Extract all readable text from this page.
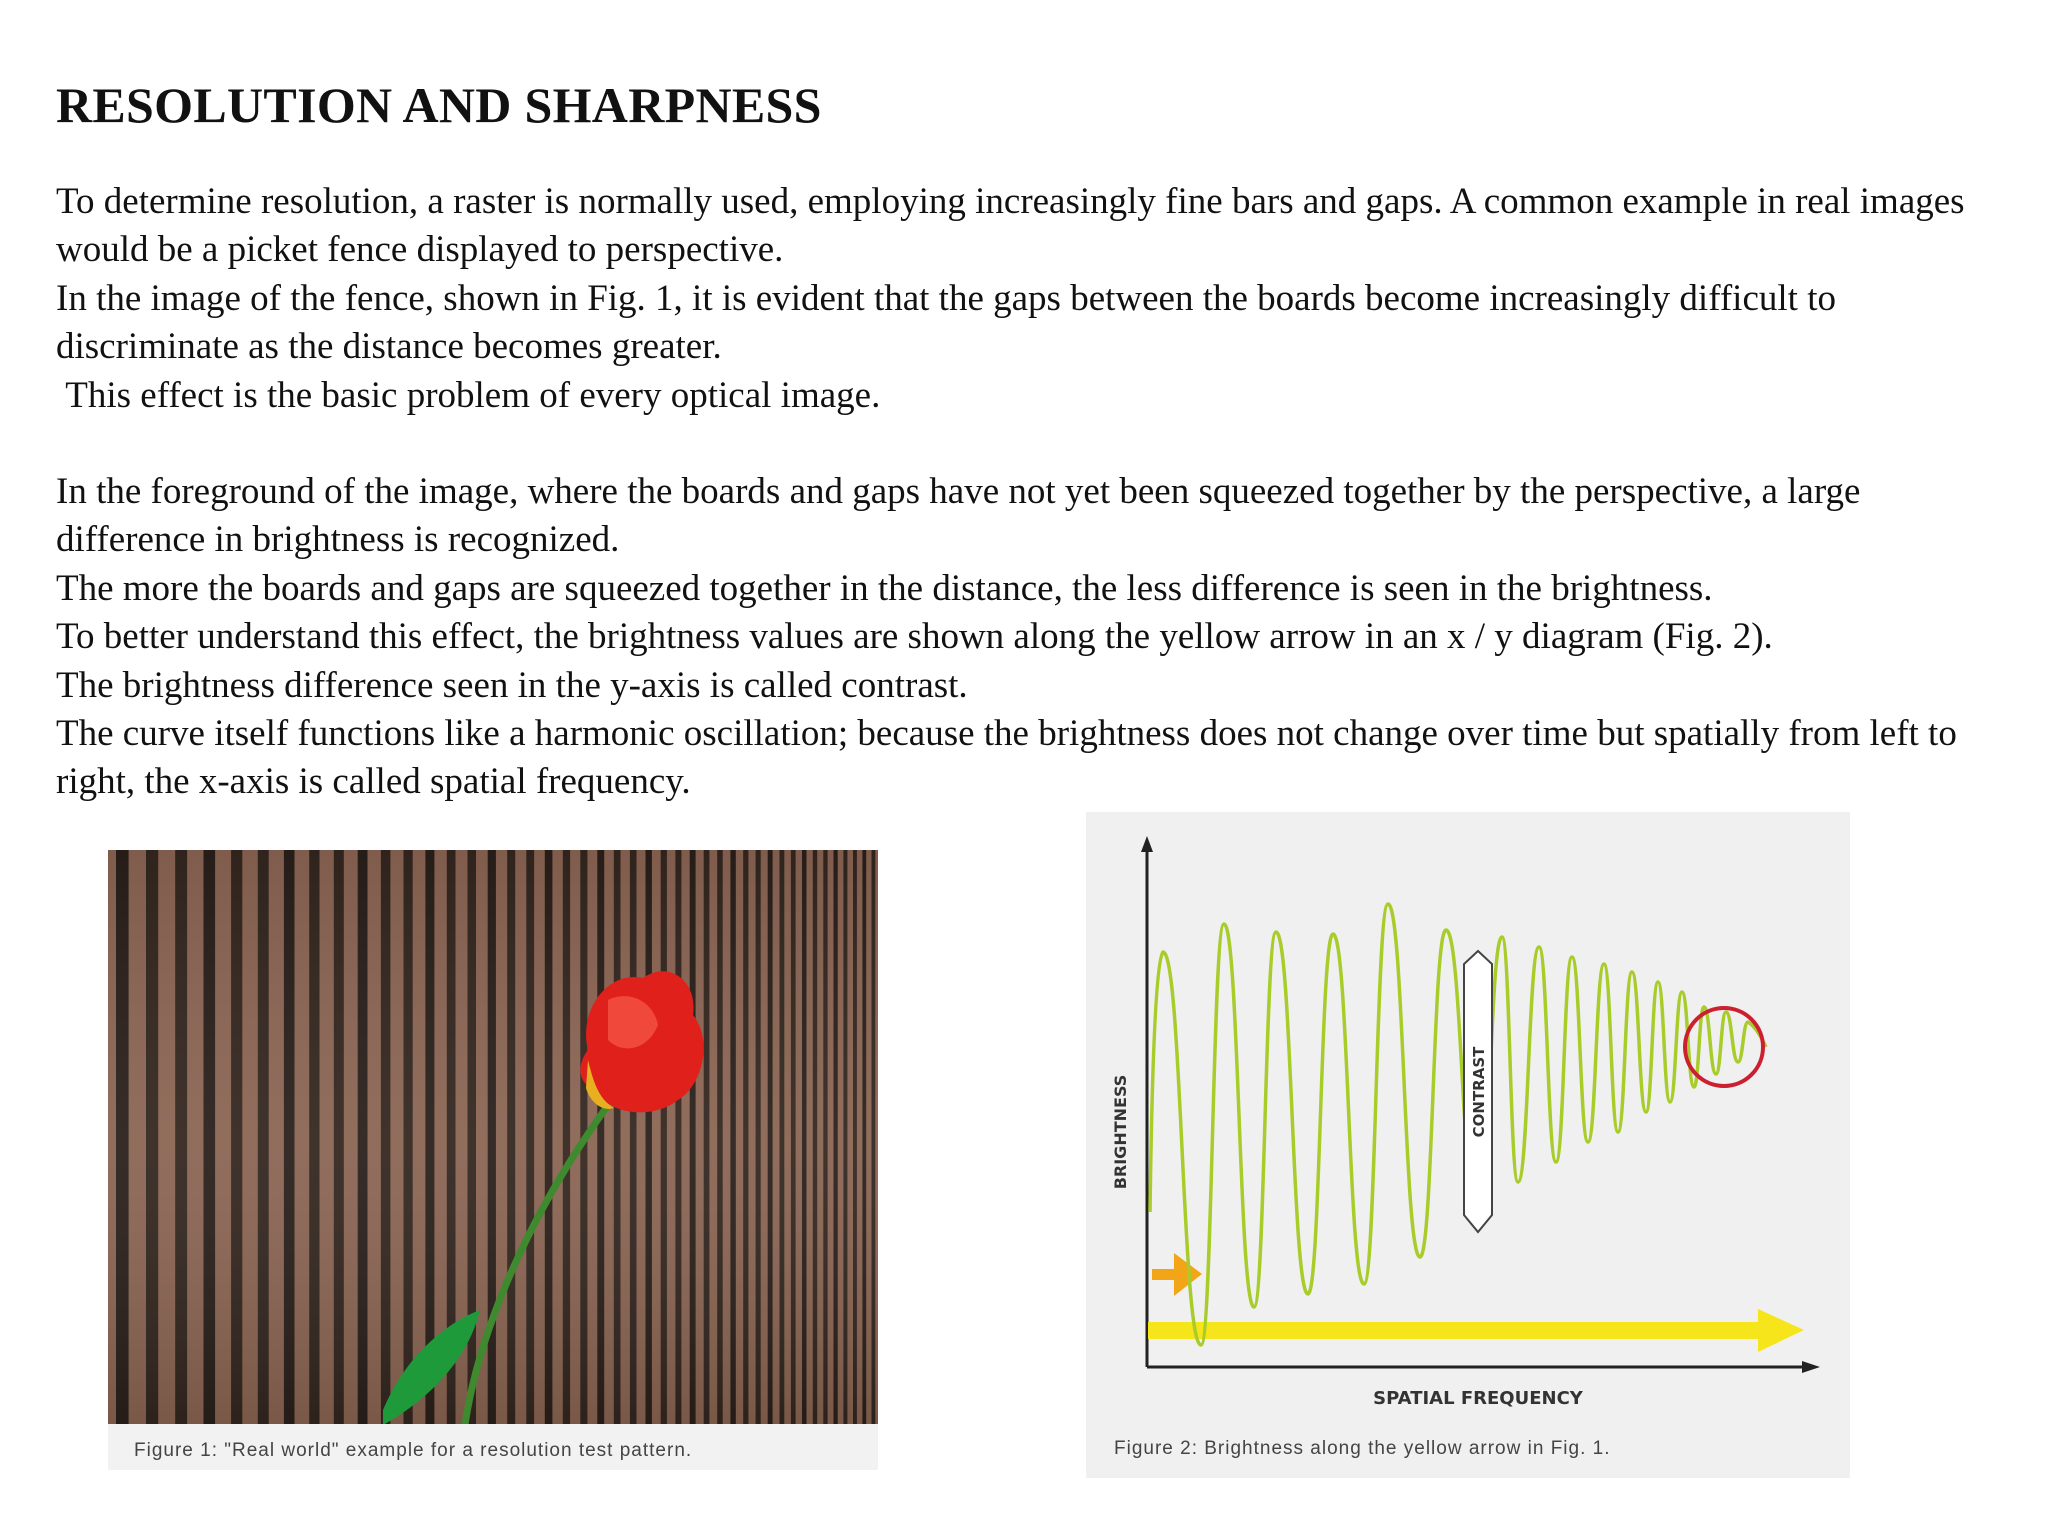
RESOLUTION AND SHARPNESS

To determine resolution, a raster is normally used, employing increasingly fine bars and gaps. A common example in real images would be a picket fence displayed to perspective.

In the image of the fence, shown in Fig. 1, it is evident that the gaps between the boards become increasingly difficult to discriminate as the distance becomes greater.

This effect is the basic problem of every optical image.

In the foreground of the image, where the boards and gaps have not yet been squeezed together by the perspective, a large difference in brightness is recognized.

The more the boards and gaps are squeezed together in the distance, the less difference is seen in the brightness.

To better understand this effect, the brightness values are shown along the yellow arrow in an x / y diagram (Fig. 2).

The brightness difference seen in the y-axis is called contrast.

The curve itself functions like a harmonic oscillation; because the brightness does not change over time but spatially from left to right, the x-axis is called spatial frequency.

Figure 1: "Real world" example for a resolution test pattern.

CONTRAST
BRIGHTNESS
SPATIAL FREQUENCY

Figure 2: Brightness along the yellow arrow in Fig. 1.
